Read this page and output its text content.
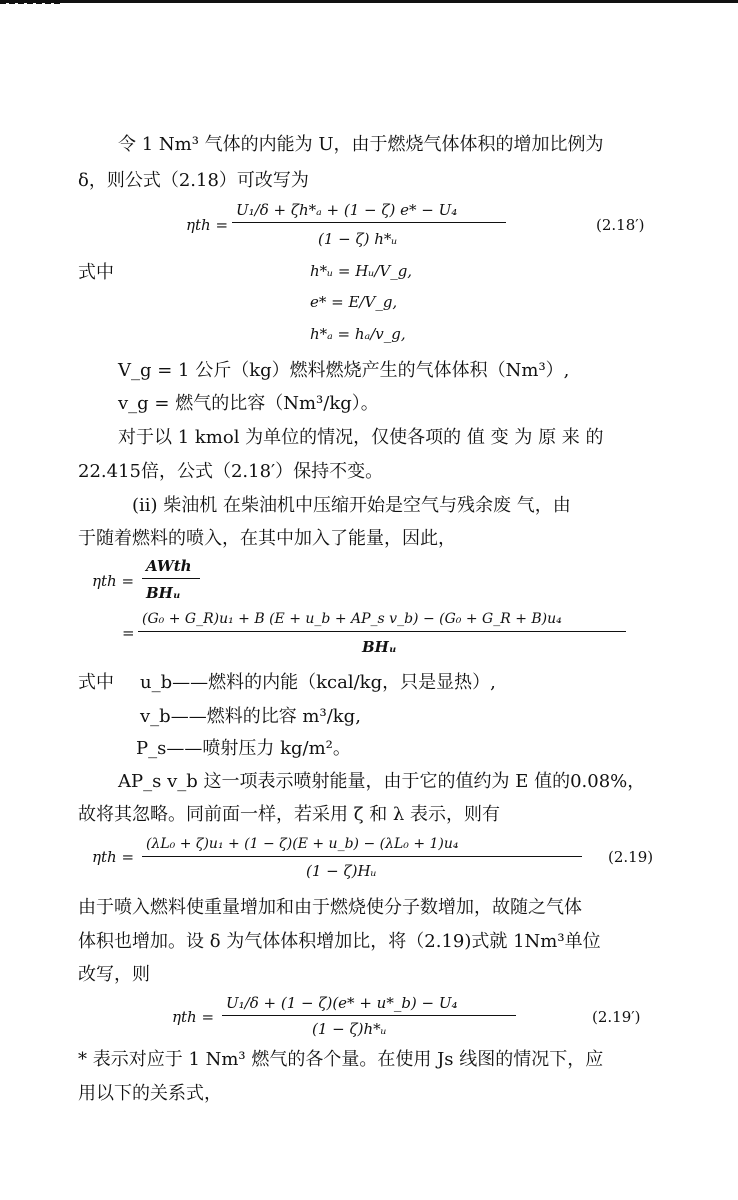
令 1 Nm³ 气体的内能为 U，由于燃烧气体体积的增加比例为
δ，则公式（2.18）可改写为
ηth =
U₁/δ + ζh*ₐ + (1 − ζ) e* − U₄
(1 − ζ) h*ᵤ
(2.18′)
式中	h*ᵤ = Hᵤ/V_g,
e* = E/V_g,
h*ₐ = hₐ/v_g,
V_g = 1 公斤（kg）燃料燃烧产生的气体体积（Nm³）,
v_g = 燃气的比容（Nm³/kg）。
对于以 1 kmol 为单位的情况，仅使各项的 值 变 为 原 来 的
22.415倍，公式（2.18′）保持不变。
(ii) 柴油机 在柴油机中压缩开始是空气与残余废 气，由
于随着燃料的喷入，在其中加入了能量，因此，
ηth =
AWth
BHᵤ
=
(G₀ + G_R)u₁ + B (E + u_b + AP_s v_b) − (G₀ + G_R + B)u₄
BHᵤ
式中 u_b——燃料的内能（kcal/kg，只是显热）,
v_b——燃料的比容 m³/kg,
P_s——喷射压力 kg/m²。
AP_s v_b 这一项表示喷射能量，由于它的值约为 E 值的0.08%，
故将其忽略。同前面一样，若采用 ζ 和 λ 表示，则有
ηth =
(λL₀ + ζ)u₁ + (1 − ζ)(E + u_b) − (λL₀ + 1)u₄
(1 − ζ)Hᵤ
(2.19)
由于喷入燃料使重量增加和由于燃烧使分子数增加，故随之气体
体积也增加。设 δ 为气体体积增加比，将（2.19)式就 1Nm³单位
改写，则
ηth =
U₁/δ + (1 − ζ)(e* + u*_b) − U₄
(1 − ζ)h*ᵤ
(2.19′)
* 表示对应于 1 Nm³ 燃气的各个量。在使用 Js 线图的情况下，应
用以下的关系式，
